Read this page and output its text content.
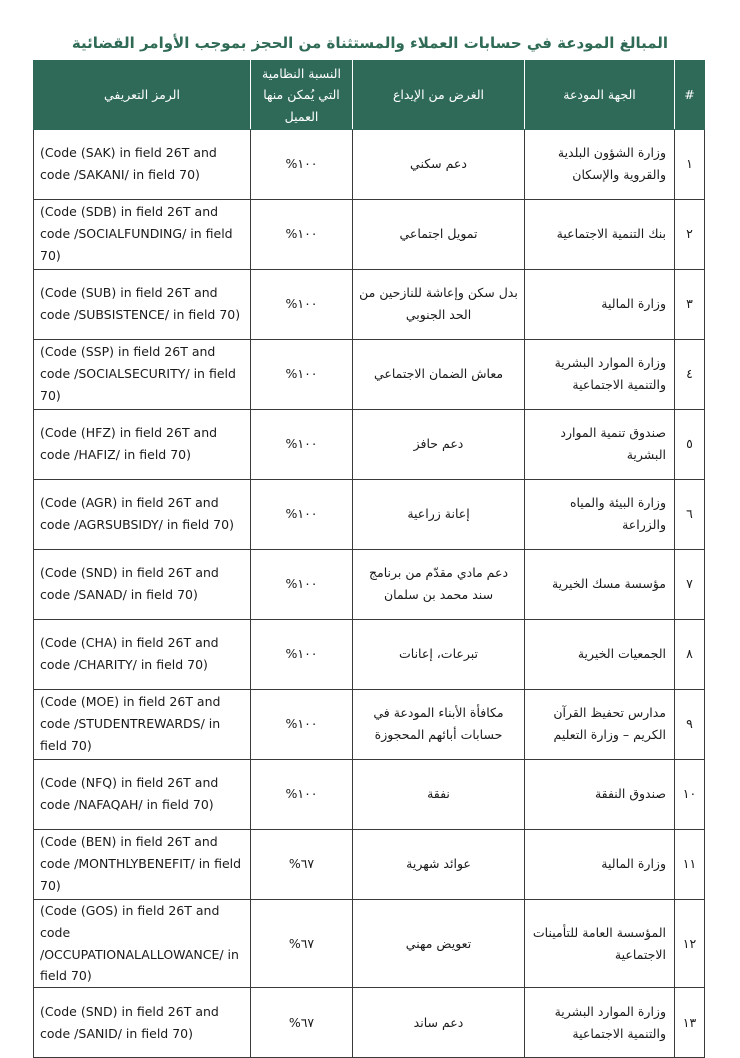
المبالغ المودعة في حسابات العملاء والمستثناة من الحجز بموجب الأوامر القضائية
#	الجهة المودعة	الغرض من الإيداع	النسبة النظامية التي يُمكن منها العميل	الرمز التعريفي
١	وزارة الشؤون البلدية والقروية والإسكان	دعم سكني	١٠٠%	(Code (SAK) in field 26T and code /SAKANI/ in field 70)
٢	بنك التنمية الاجتماعية	تمويل اجتماعي	١٠٠%	(Code (SDB) in field 26T and code /SOCIALFUNDING/ in field 70)
٣	وزارة المالية	بدل سكن وإعاشة للنازحين من الحد الجنوبي	١٠٠%	(Code (SUB) in field 26T and code /SUBSISTENCE/ in field 70)
٤	وزارة الموارد البشرية والتنمية الاجتماعية	معاش الضمان الاجتماعي	١٠٠%	(Code (SSP) in field 26T and code /SOCIALSECURITY/ in field 70)
٥	صندوق تنمية الموارد البشرية	دعم حافز	١٠٠%	(Code (HFZ) in field 26T and code /HAFIZ/ in field 70)
٦	وزارة البيئة والمياه والزراعة	إعانة زراعية	١٠٠%	(Code (AGR) in field 26T and code /AGRSUBSIDY/ in field 70)
٧	مؤسسة مسك الخيرية	دعم مادي مقدّم من برنامج سند محمد بن سلمان	١٠٠%	(Code (SND) in field 26T and code /SANAD/ in field 70)
٨	الجمعيات الخيرية	تبرعات، إعانات	١٠٠%	(Code (CHA) in field 26T and code /CHARITY/ in field 70)
٩	مدارس تحفيظ القرآن الكريم – وزارة التعليم	مكافأة الأبناء المودعة في حسابات أبائهم المحجوزة	١٠٠%	(Code (MOE) in field 26T and code /STUDENTREWARDS/ in field 70)
١٠	صندوق النفقة	نفقة	١٠٠%	(Code (NFQ) in field 26T and code /NAFAQAH/ in field 70)
١١	وزارة المالية	عوائد شهرية	٦٧%	(Code (BEN) in field 26T and code /MONTHLYBENEFIT/ in field 70)
١٢	المؤسسة العامة للتأمينات الاجتماعية	تعويض مهني	٦٧%	(Code (GOS) in field 26T and code /OCCUPATIONALALLOWANCE/ in field 70)
١٣	وزارة الموارد البشرية والتنمية الاجتماعية	دعم ساند	٦٧%	(Code (SND) in field 26T and code /SANID/ in field 70)
